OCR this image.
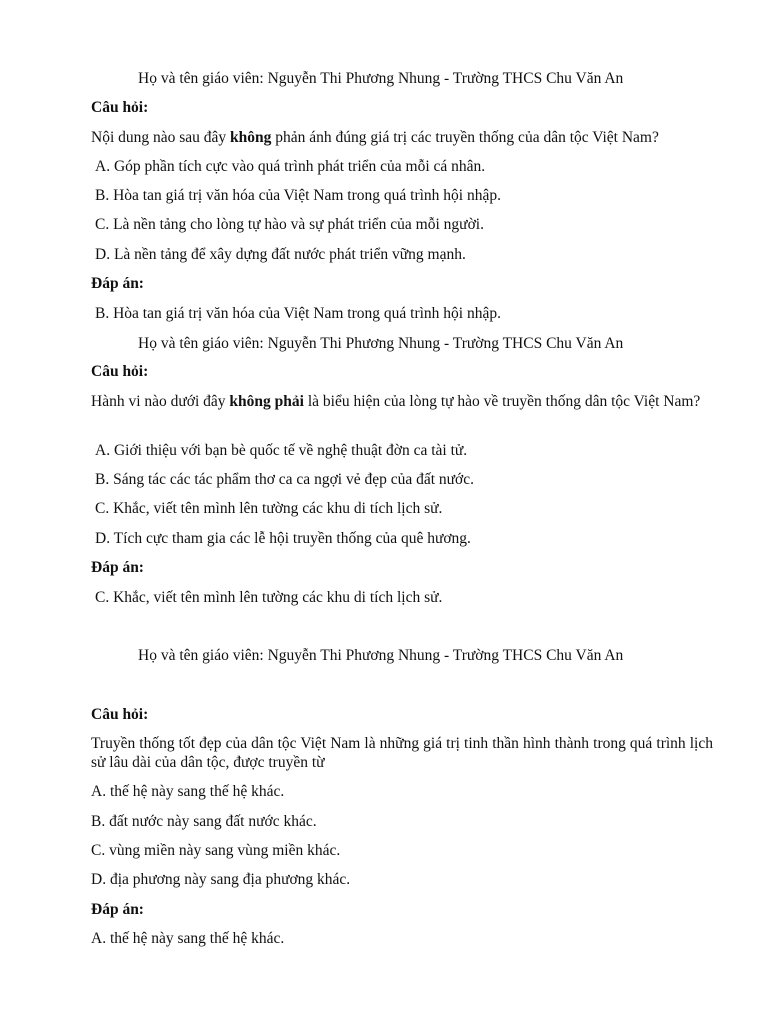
Họ và tên giáo viên: Nguyễn Thi Phương Nhung - Trường THCS Chu Văn An
Câu hỏi:
Nội dung nào sau đây không phản ánh đúng giá trị các truyền thống của dân tộc Việt Nam?
A. Góp phần tích cực vào quá trình phát triển của mỗi cá nhân.
B. Hòa tan giá trị văn hóa của Việt Nam trong quá trình hội nhập.
C. Là nền tảng cho lòng tự hào và sự phát triển của mỗi người.
D. Là nền tảng để xây dựng đất nước phát triển vững mạnh.
Đáp án:
B. Hòa tan giá trị văn hóa của Việt Nam trong quá trình hội nhập.
Họ và tên giáo viên: Nguyễn Thi Phương Nhung - Trường THCS Chu Văn An
Câu hỏi:
Hành vi nào dưới đây không phải là biểu hiện của lòng tự hào về truyền thống dân tộc Việt Nam?
A. Giới thiệu với bạn bè quốc tế về nghệ thuật đờn ca tài tử.
B. Sáng tác các tác phẩm thơ ca ca ngợi vẻ đẹp của đất nước.
C. Khắc, viết tên mình lên tường các khu di tích lịch sử.
D. Tích cực tham gia các lễ hội truyền thống của quê hương.
Đáp án:
C. Khắc, viết tên mình lên tường các khu di tích lịch sử.
Họ và tên giáo viên: Nguyễn Thi Phương Nhung - Trường THCS Chu Văn An
Câu hỏi:
Truyền thống tốt đẹp của dân tộc Việt Nam là những giá trị tinh thần hình thành trong quá trình lịch sử lâu dài của dân tộc, được truyền từ
A. thế hệ này sang thế hệ khác.
B. đất nước này sang đất nước khác.
C. vùng miền này sang vùng miền khác.
D. địa phương này sang địa phương khác.
Đáp án:
A. thế hệ này sang thế hệ khác.
